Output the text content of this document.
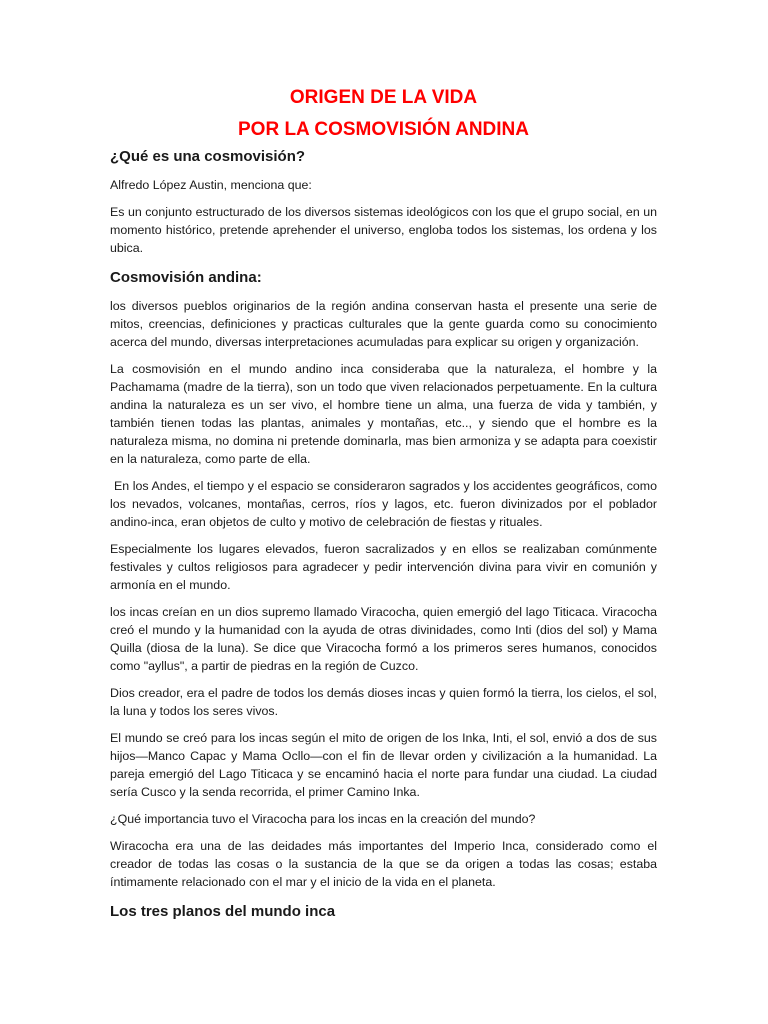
ORIGEN DE LA VIDA
POR LA COSMOVISIÓN ANDINA
¿Qué es una cosmovisión?

Alfredo López Austin, menciona que:

Es un conjunto estructurado de los diversos sistemas ideológicos con los que el grupo social, en un momento histórico, pretende aprehender el universo, engloba todos los sistemas, los ordena y los ubica.

Cosmovisión andina:

los diversos pueblos originarios de la región andina conservan hasta el presente una serie de mitos, creencias, definiciones y practicas culturales que la gente guarda como su conocimiento acerca del mundo, diversas interpretaciones acumuladas para explicar su origen y organización.

La cosmovisión en el mundo andino inca consideraba que la naturaleza, el hombre y la Pachamama (madre de la tierra), son un todo que viven relacionados perpetuamente. En la cultura andina la naturaleza es un ser vivo, el hombre tiene un alma, una fuerza de vida y también, y también tienen todas las plantas, animales y montañas, etc.., y siendo que el hombre es la naturaleza misma, no domina ni pretende dominarla, mas bien armoniza y se adapta para coexistir en la naturaleza, como parte de ella.

En los Andes, el tiempo y el espacio se consideraron sagrados y los accidentes geográficos, como los nevados, volcanes, montañas, cerros, ríos y lagos, etc. fueron divinizados por el poblador andino-inca, eran objetos de culto y motivo de celebración de fiestas y rituales.

Especialmente los lugares elevados, fueron sacralizados y en ellos se realizaban comúnmente festivales y cultos religiosos para agradecer y pedir intervención divina para vivir en comunión y armonía en el mundo.

los incas creían en un dios supremo llamado Viracocha, quien emergió del lago Titicaca. Viracocha creó el mundo y la humanidad con la ayuda de otras divinidades, como Inti (dios del sol) y Mama Quilla (diosa de la luna). Se dice que Viracocha formó a los primeros seres humanos, conocidos como "ayllus", a partir de piedras en la región de Cuzco.

Dios creador, era el padre de todos los demás dioses incas y quien formó la tierra, los cielos, el sol, la luna y todos los seres vivos.

El mundo se creó para los incas según el mito de origen de los Inka, Inti, el sol, envió a dos de sus hijos—Manco Capac y Mama Ocllo—con el fin de llevar orden y civilización a la humanidad. La pareja emergió del Lago Titicaca y se encaminó hacia el norte para fundar una ciudad. La ciudad sería Cusco y la senda recorrida, el primer Camino Inka.

¿Qué importancia tuvo el Viracocha para los incas en la creación del mundo?

Wiracocha era una de las deidades más importantes del Imperio Inca, considerado como el creador de todas las cosas o la sustancia de la que se da origen a todas las cosas; estaba íntimamente relacionado con el mar y el inicio de la vida en el planeta.

Los tres planos del mundo inca
